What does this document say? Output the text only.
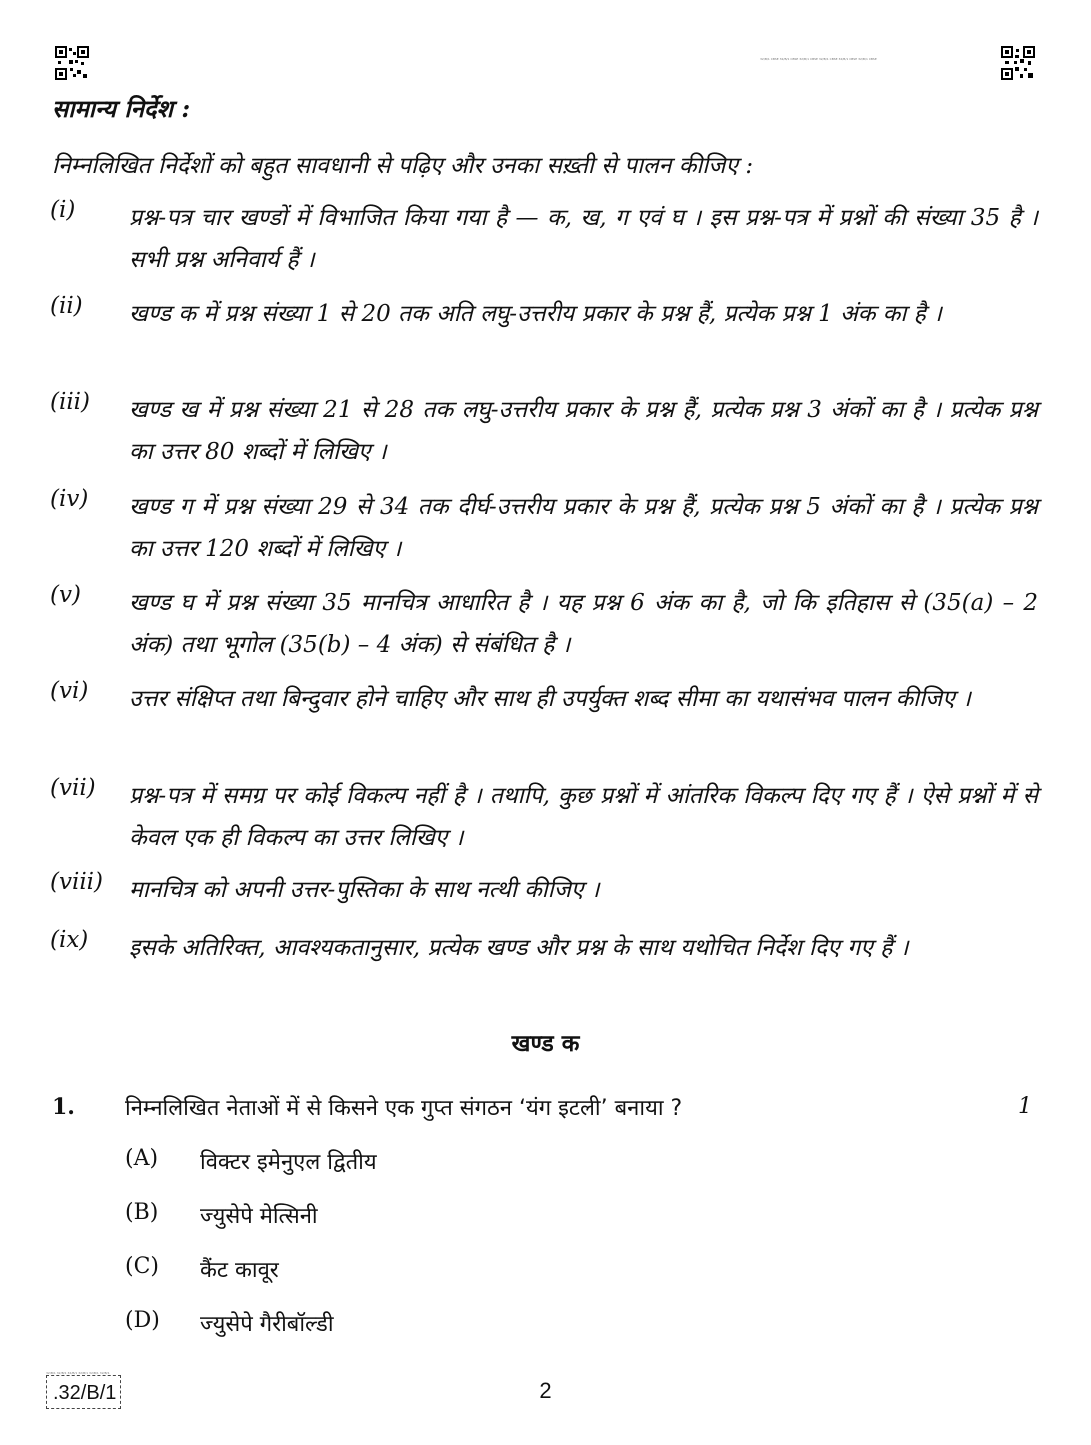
32/B/1 CBSE 32/B/1 CBSE 32/B/1 CBSE 32/B/1 CBSE 32/B/1 CBSE 32/B/1 CBSE
सामान्य निर्देश :
निम्नलिखित निर्देशों को बहुत सावधानी से पढ़िए और उनका सख़्ती से पालन कीजिए :
(i) प्रश्न-पत्र चार खण्डों में विभाजित किया गया है — क, ख, ग एवं घ । इस प्रश्न-पत्र में प्रश्नों की संख्या 35 है । सभी प्रश्न अनिवार्य हैं ।
(ii) खण्ड क में प्रश्न संख्या 1 से 20 तक अति लघु-उत्तरीय प्रकार के प्रश्न हैं, प्रत्येक प्रश्न 1 अंक का है ।
(iii) खण्ड ख में प्रश्न संख्या 21 से 28 तक लघु-उत्तरीय प्रकार के प्रश्न हैं, प्रत्येक प्रश्न 3 अंकों का है । प्रत्येक प्रश्न का उत्तर 80 शब्दों में लिखिए ।
(iv) खण्ड ग में प्रश्न संख्या 29 से 34 तक दीर्घ-उत्तरीय प्रकार के प्रश्न हैं, प्रत्येक प्रश्न 5 अंकों का है । प्रत्येक प्रश्न का उत्तर 120 शब्दों में लिखिए ।
(v) खण्ड घ में प्रश्न संख्या 35 मानचित्र आधारित है । यह प्रश्न 6 अंक का है, जो कि इतिहास से (35(a) – 2 अंक) तथा भूगोल (35(b) – 4 अंक) से संबंधित है ।
(vi) उत्तर संक्षिप्त तथा बिन्दुवार होने चाहिए और साथ ही उपर्युक्त शब्द सीमा का यथासंभव पालन कीजिए ।
(vii) प्रश्न-पत्र में समग्र पर कोई विकल्प नहीं है । तथापि, कुछ प्रश्नों में आंतरिक विकल्प दिए गए हैं । ऐसे प्रश्नों में से केवल एक ही विकल्प का उत्तर लिखिए ।
(viii) मानचित्र को अपनी उत्तर-पुस्तिका के साथ नत्थी कीजिए ।
(ix) इसके अतिरिक्त, आवश्यकतानुसार, प्रत्येक खण्ड और प्रश्न के साथ यथोचित निर्देश दिए गए हैं ।
खण्ड क
1. निम्नलिखित नेताओं में से किसने एक गुप्त संगठन ‘यंग इटली’ बनाया ?	1
(A) विक्टर इमेनुएल द्वितीय
(B) ज्युसेपे मेत्सिनी
(C) कैंट कावूर
(D) ज्युसेपे गैरीबॉल्डी
32/B/1 32/B/1 32/B/1 32/B/1 32/B/1 32/B/1
.32/B/1	2
